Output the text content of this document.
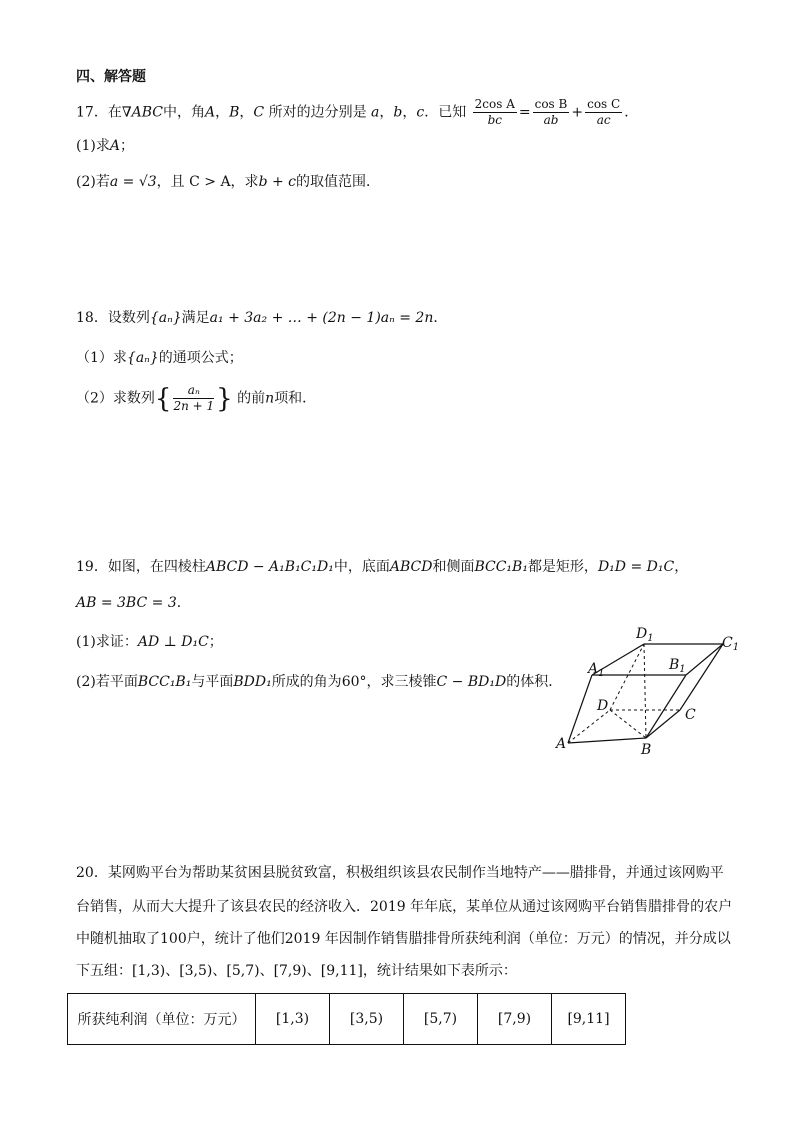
四、解答题
17．在∇ABC中，角A，B，C 所对的边分别是 a，b，c．已知 $\frac{\text{2cos A}}{bc} = \frac{\text{cos B}}{ab} + \frac{\text{cos C}}{ac}$ ．
(1)求A；
(2)若a = √3，且 C > A，求b + c的取值范围．
18．设数列{aₙ}满足a₁ + 3a₂ + … + (2n − 1)aₙ = 2n．
（1）求{aₙ}的通项公式；
（2）求数列{ $\frac{\text{aₙ}}{2n + 1}$ } 的前n项和．
19．如图，在四棱柱ABCD − A₁B₁C₁D₁中，底面ABCD和侧面BCC₁B₁都是矩形，D₁D = D₁C，
AB = 3BC = 3．
(1)求证：AD ⊥ D₁C；
(2)若平面BCC₁B₁与平面BDD₁所成的角为60°，求三棱锥C − BD₁D的体积．
$D_1$	$C_1$
$A_1$
$B_1$
D
C
A	B
20．某网购平台为帮助某贫困县脱贫致富，积极组织该县农民制作当地特产——腊排骨，并通过该网购平
台销售，从而大大提升了该县农民的经济收入．2019 年年底，某单位从通过该网购平台销售腊排骨的农户
中随机抽取了100户，统计了他们2019 年因制作销售腊排骨所获纯利润（单位：万元）的情况，并分成以
下五组：[1,3)、[3,5)、[5,7)、[7,9)、[9,11]，统计结果如下表所示：
所获纯利润（单位：万元）	[1,3)	[3,5)	[5,7)	[7,9)	[9,11]
